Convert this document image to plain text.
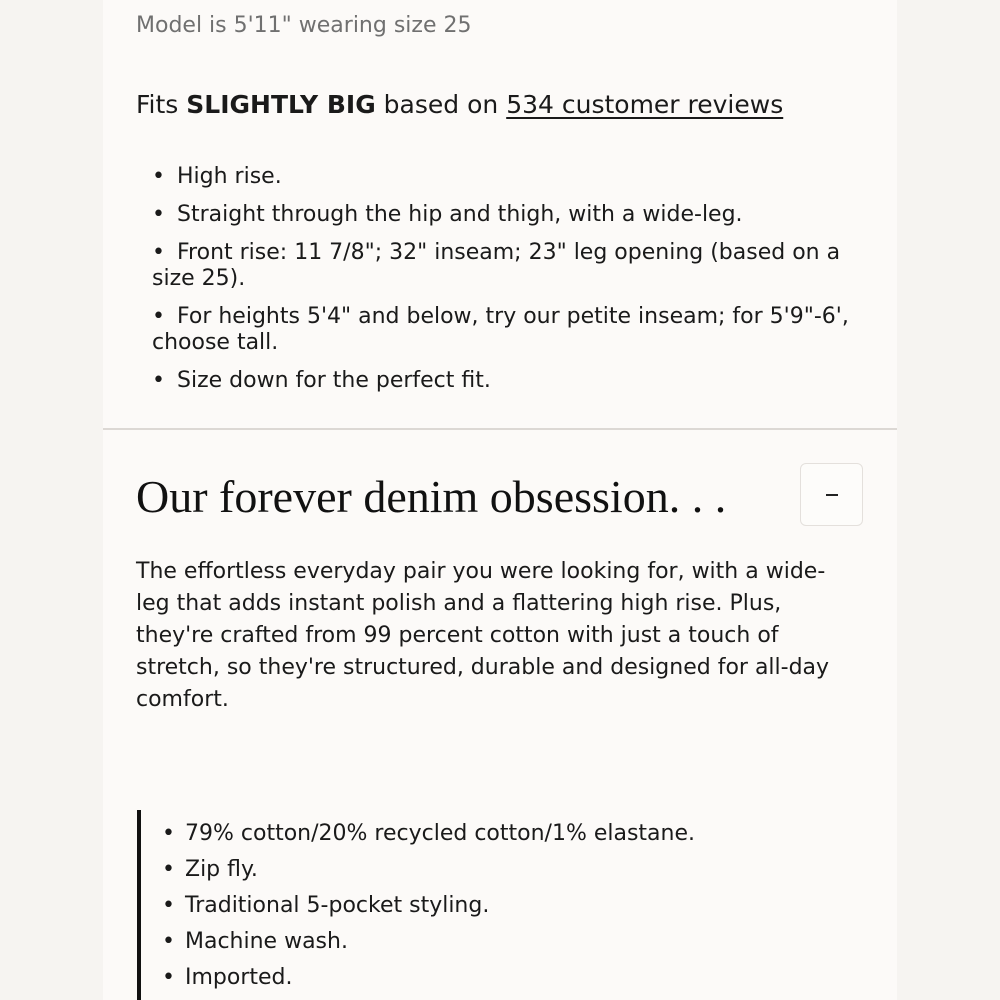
Model is 5'11" wearing size 25
Fits SLIGHTLY BIG based on 534 customer reviews
• High rise.
• Straight through the hip and thigh, with a wide-leg.
• Front rise: 11 7/8"; 32" inseam; 23" leg opening (based on a size 25).
• For heights 5'4" and below, try our petite inseam; for 5'9"-6', choose tall.
• Size down for the perfect fit.
Our forever denim obsession. . .

The effortless everyday pair you were looking for, with a wide-leg that adds instant polish and a flattering high rise. Plus, they're crafted from 99 percent cotton with just a touch of stretch, so they're structured, durable and designed for all-day comfort.

• 79% cotton/20% recycled cotton/1% elastane.
• Zip fly.
• Traditional 5-pocket styling.
• Machine wash.
• Imported.
